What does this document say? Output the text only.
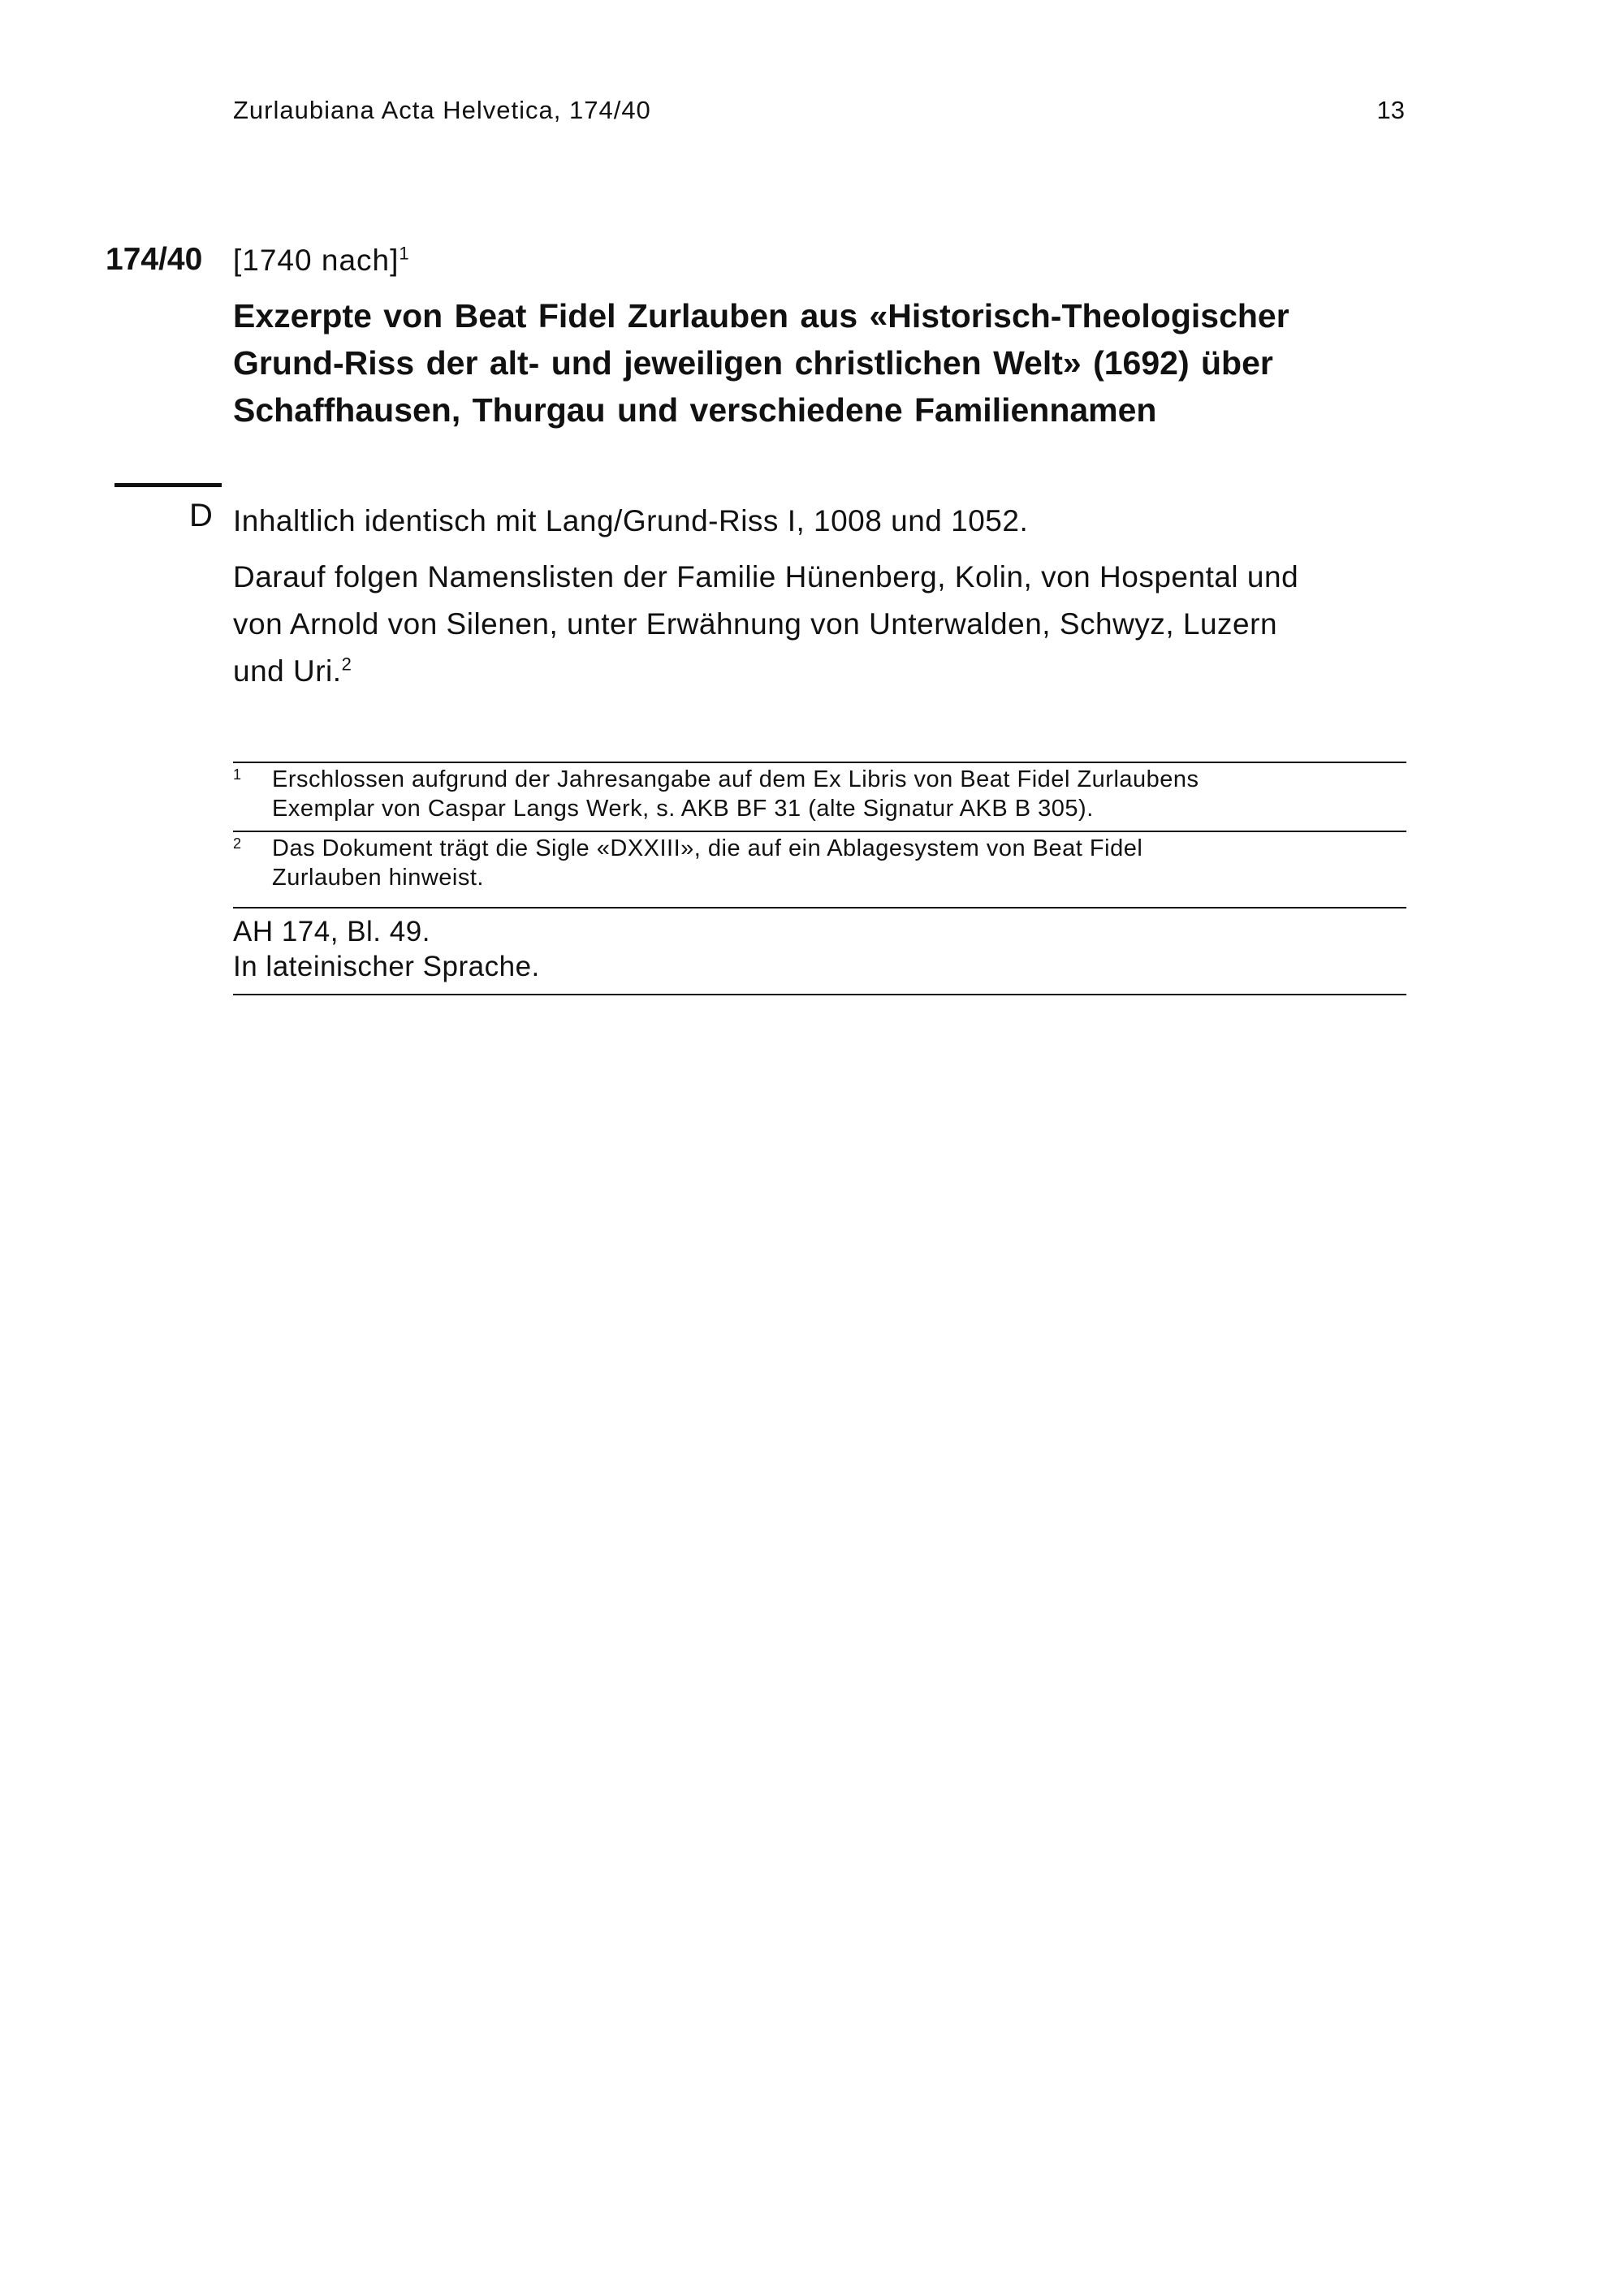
Zurlaubiana Acta Helvetica, 174/40	13
174/40 [1740 nach]$^1$
Exzerpte von Beat Fidel Zurlauben aus «Historisch-Theologischer
Grund-Riss der alt- und jeweiligen christlichen Welt» (1692) über
Schaffhausen, Thurgau und verschiedene Familiennamen
D Inhaltlich identisch mit Lang/Grund-Riss I, 1008 und 1052.

Darauf folgen Namenslisten der Familie Hünenberg, Kolin, von Hospental und
von Arnold von Silenen, unter Erwähnung von Unterwalden, Schwyz, Luzern
und Uri.$^2$
1 Erschlossen aufgrund der Jahresangabe auf dem Ex Libris von Beat Fidel Zurlaubens
Exemplar von Caspar Langs Werk, s. AKB BF 31 (alte Signatur AKB B 305).
2 Das Dokument trägt die Sigle «DXXIII», die auf ein Ablagesystem von Beat Fidel
Zurlauben hinweist.
AH 174, Bl. 49.
In lateinischer Sprache.
